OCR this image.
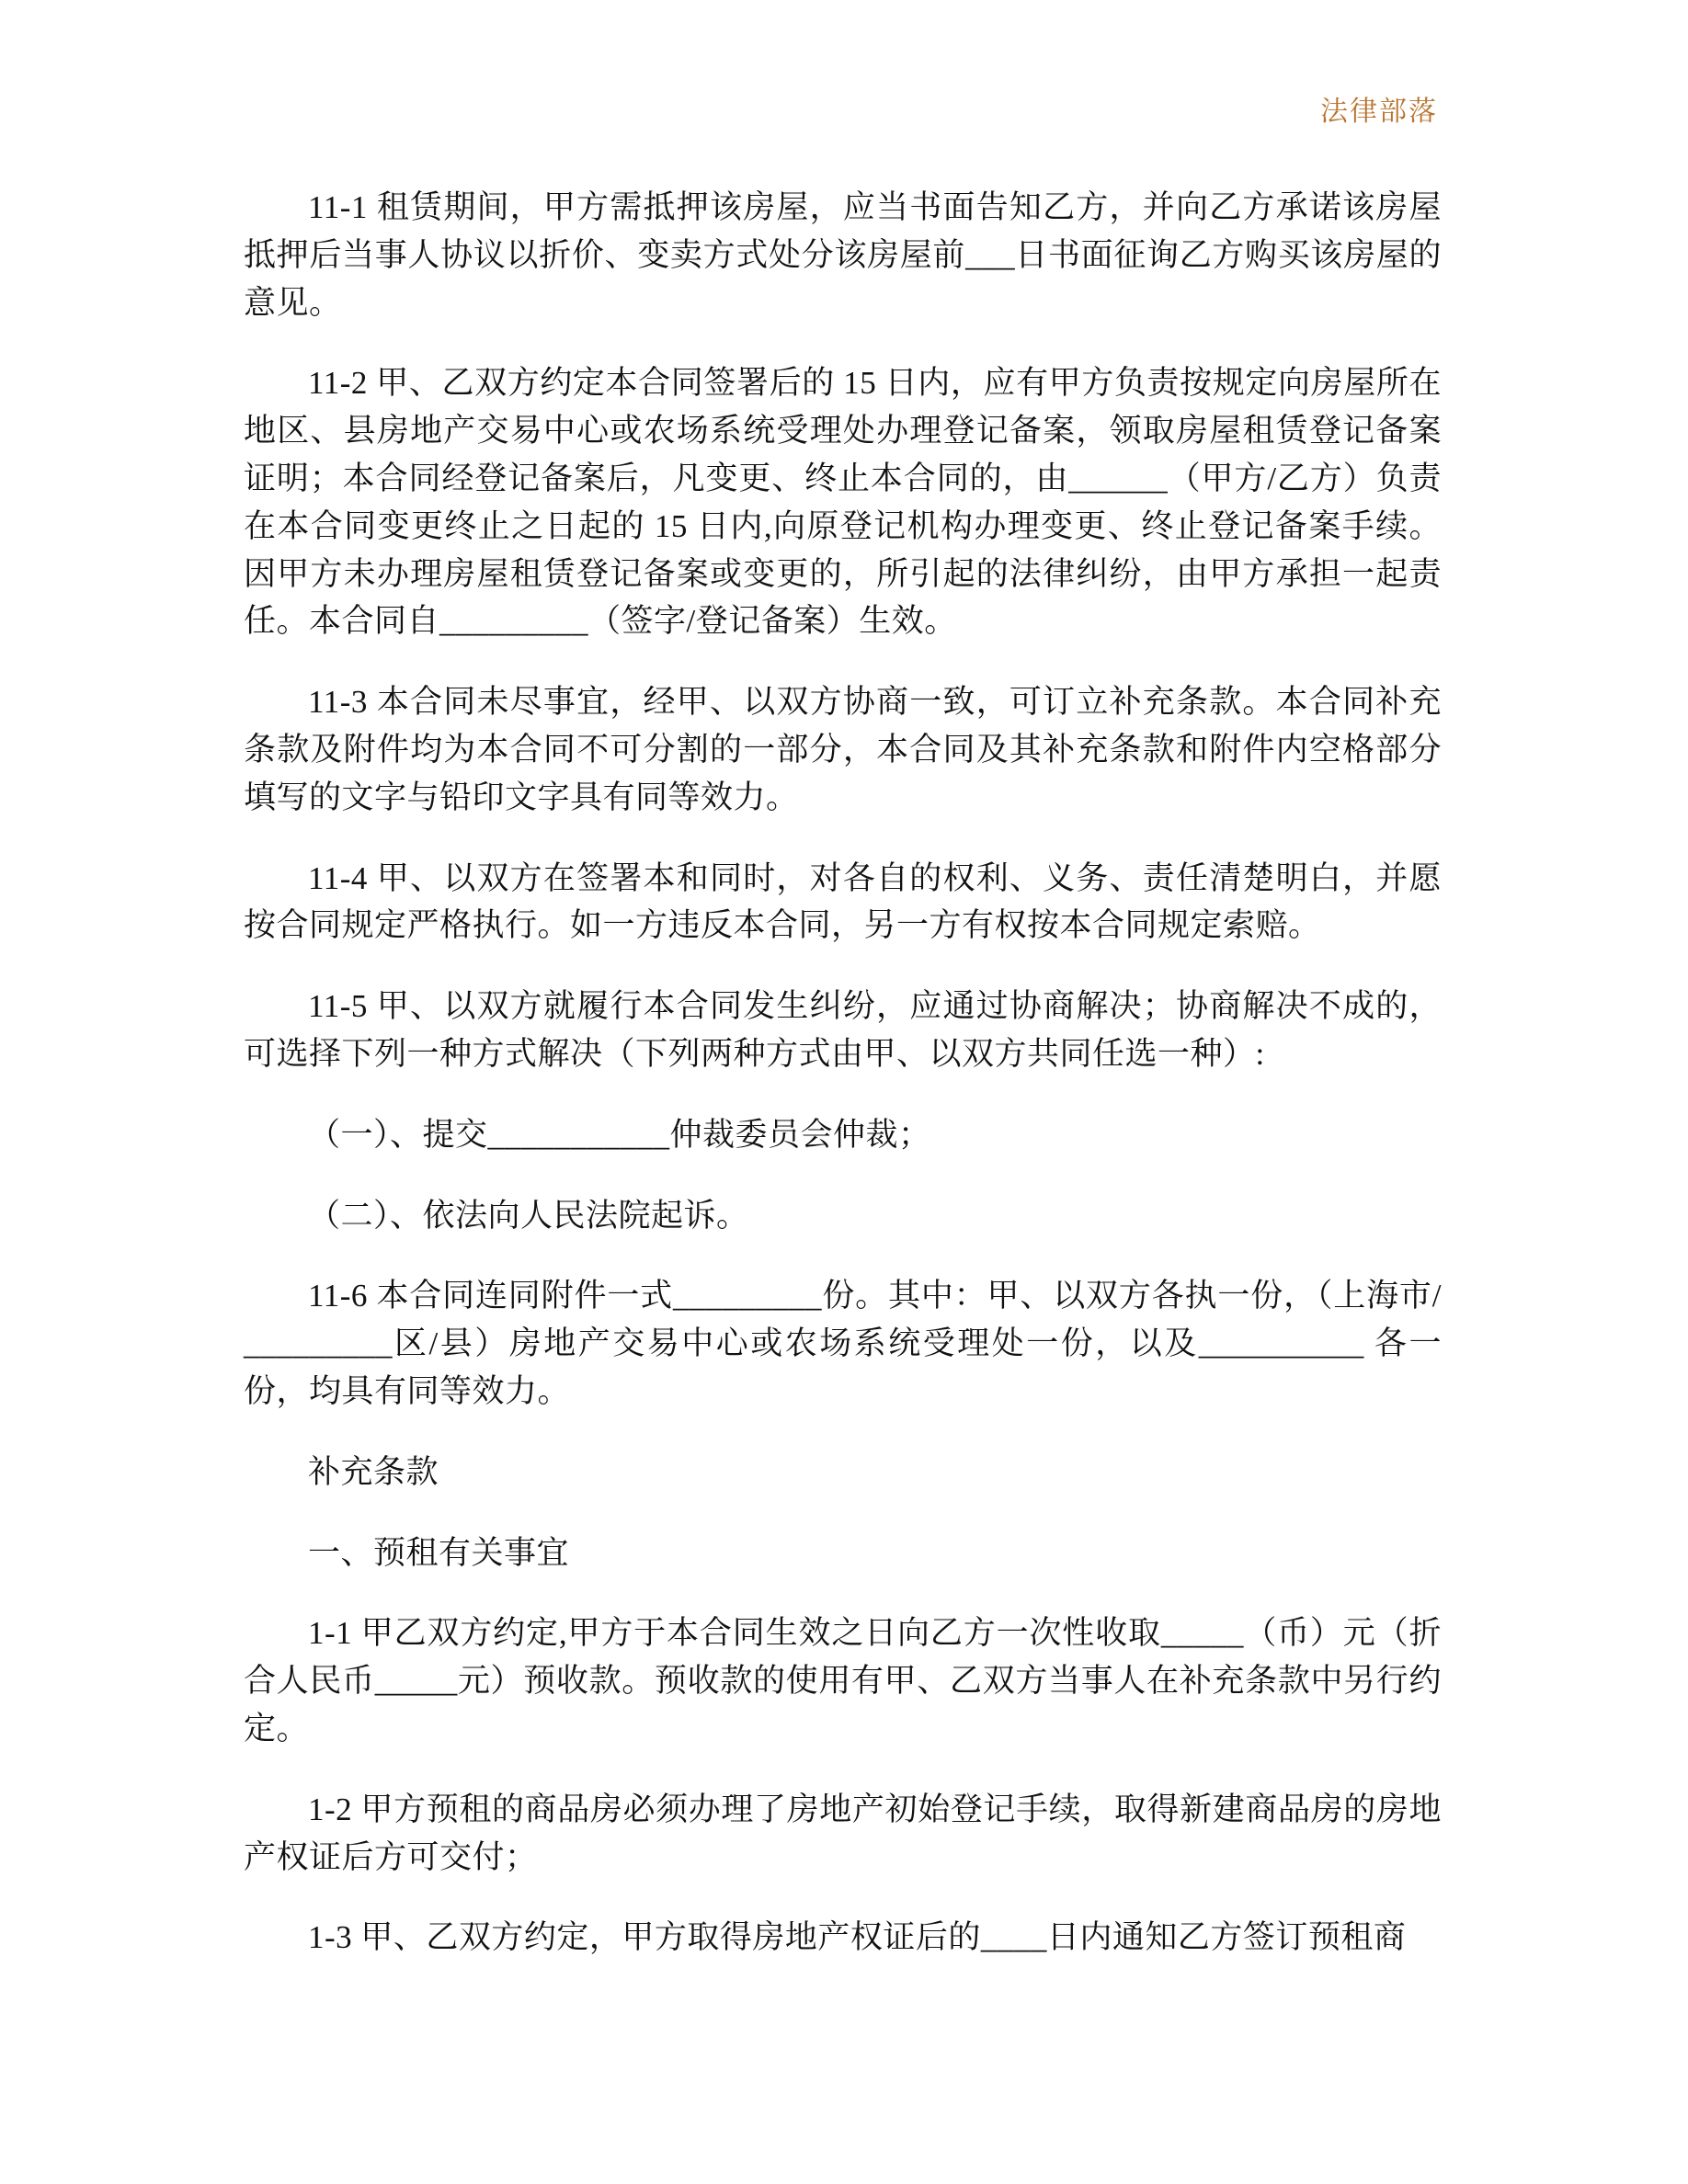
法律部落

11-1 租赁期间，甲方需抵押该房屋，应当书面告知乙方，并向乙方承诺该房屋抵押后当事人协议以折价、变卖方式处分该房屋前___日书面征询乙方购买该房屋的意见。

11-2 甲、乙双方约定本合同签署后的 15 日内，应有甲方负责按规定向房屋所在地区、县房地产交易中心或农场系统受理处办理登记备案，领取房屋租赁登记备案证明；本合同经登记备案后，凡变更、终止本合同的，由______（甲方/乙方）负责在本合同变更终止之日起的 15 日内,向原登记机构办理变更、终止登记备案手续。因甲方未办理房屋租赁登记备案或变更的，所引起的法律纠纷，由甲方承担一起责任。本合同自_________（签字/登记备案）生效。

11-3 本合同未尽事宜，经甲、以双方协商一致，可订立补充条款。本合同补充条款及附件均为本合同不可分割的一部分，本合同及其补充条款和附件内空格部分填写的文字与铅印文字具有同等效力。

11-4 甲、以双方在签署本和同时，对各自的权利、义务、责任清楚明白，并愿按合同规定严格执行。如一方违反本合同，另一方有权按本合同规定索赔。

11-5 甲、以双方就履行本合同发生纠纷，应通过协商解决；协商解决不成的，可选择下列一种方式解决（下列两种方式由甲、以双方共同任选一种）:

（一）、提交___________仲裁委员会仲裁；

（二）、依法向人民法院起诉。

11-6 本合同连同附件一式_________份。其中：甲、以双方各执一份，（上海市/_________区/县）房地产交易中心或农场系统受理处一份，以及__________ 各一份，均具有同等效力。

补充条款

一、预租有关事宜

1-1 甲乙双方约定,甲方于本合同生效之日向乙方一次性收取_____（币）元（折合人民币_____元）预收款。预收款的使用有甲、乙双方当事人在补充条款中另行约定。

1-2 甲方预租的商品房必须办理了房地产初始登记手续，取得新建商品房的房地产权证后方可交付；

1-3 甲、乙双方约定，甲方取得房地产权证后的____日内通知乙方签订预租商
